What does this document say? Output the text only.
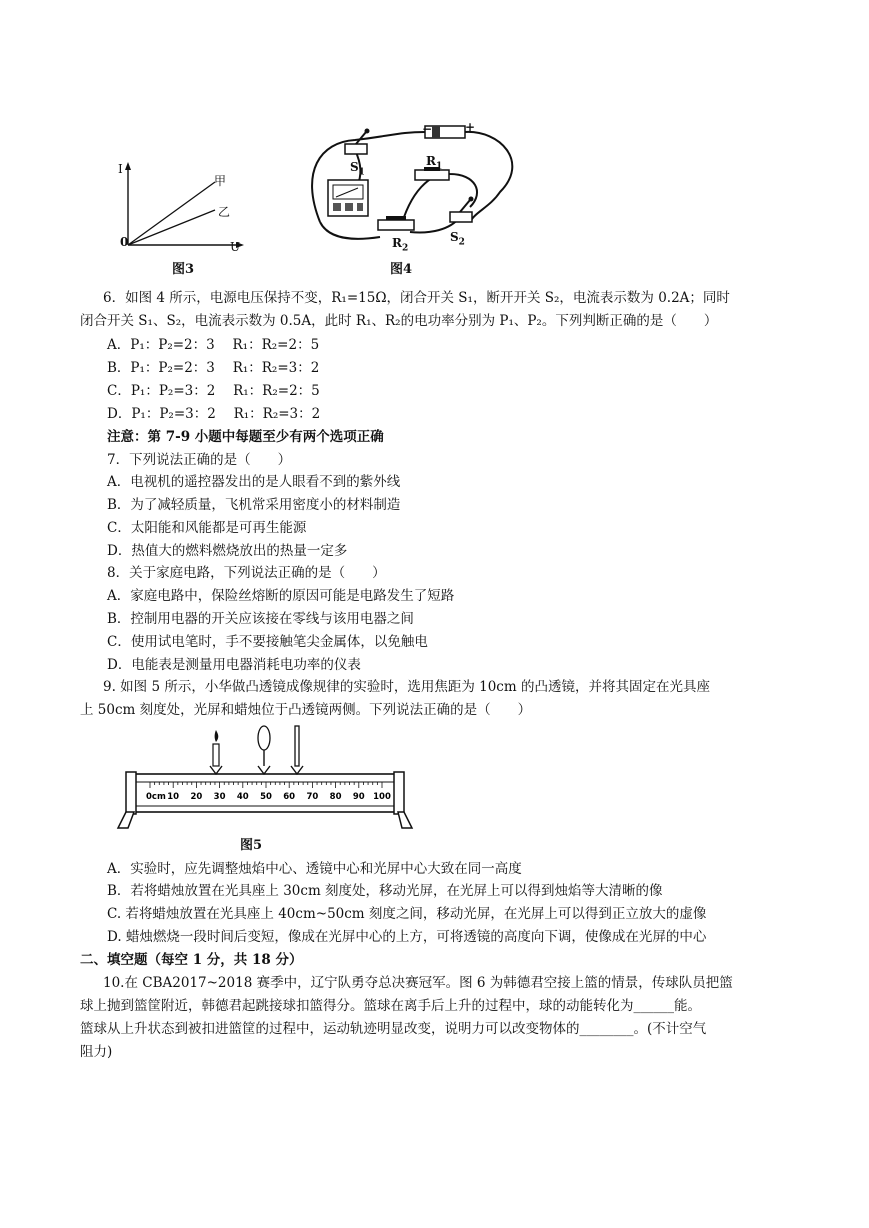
I
U
0
甲
乙
图3
−	+
$S_1$
$R_1$
$R_2$
$S_2$
图4
6．如图 4 所示，电源电压保持不变，R₁=15Ω，闭合开关 S₁，断开开关 S₂，电流表示数为 0.2A；同时
闭合开关 S₁、S₂，电流表示数为 0.5A，此时 R₁、R₂的电功率分别为 P₁、P₂。下列判断正确的是（　　）
A．P₁：P₂=2：3　 R₁：R₂=2：5
B．P₁：P₂=2：3　 R₁：R₂=3：2
C．P₁：P₂=3：2　 R₁：R₂=2：5
D．P₁：P₂=3：2　 R₁：R₂=3：2
注意：第 7-9 小题中每题至少有两个选项正确
7．下列说法正确的是（　　）
A．电视机的遥控器发出的是人眼看不到的紫外线
B．为了减轻质量，飞机常采用密度小的材料制造
C．太阳能和风能都是可再生能源
D．热值大的燃料燃烧放出的热量一定多
8．关于家庭电路，下列说法正确的是（　　）
A．家庭电路中，保险丝熔断的原因可能是电路发生了短路
B．控制用电器的开关应该接在零线与该用电器之间
C．使用试电笔时，手不要接触笔尖金属体，以免触电
D．电能表是测量用电器消耗电功率的仪表
9. 如图 5 所示，小华做凸透镜成像规律的实验时，选用焦距为 10cm 的凸透镜，并将其固定在光具座
上 50cm 刻度处，光屏和蜡烛位于凸透镜两侧。下列说法正确的是（　　）
0cm 10 20 30 40 50 60 70 80 90 100
图5
A．实验时，应先调整烛焰中心、透镜中心和光屏中心大致在同一高度
B．若将蜡烛放置在光具座上 30cm 刻度处，移动光屏，在光屏上可以得到烛焰等大清晰的像
C. 若将蜡烛放置在光具座上 40cm~50cm 刻度之间，移动光屏，在光屏上可以得到正立放大的虚像
D. 蜡烛燃烧一段时间后变短，像成在光屏中心的上方，可将透镜的高度向下调，使像成在光屏的中心
二、填空题（每空 1 分，共 18 分）
10.在 CBA2017~2018 赛季中，辽宁队勇夺总决赛冠军。图 6 为韩德君空接上篮的情景，传球队员把篮
球上抛到篮筐附近，韩德君起跳接球扣篮得分。篮球在离手后上升的过程中，球的动能转化为______能。
篮球从上升状态到被扣进篮筐的过程中，运动轨迹明显改变，说明力可以改变物体的________。(不计空气
阻力)
